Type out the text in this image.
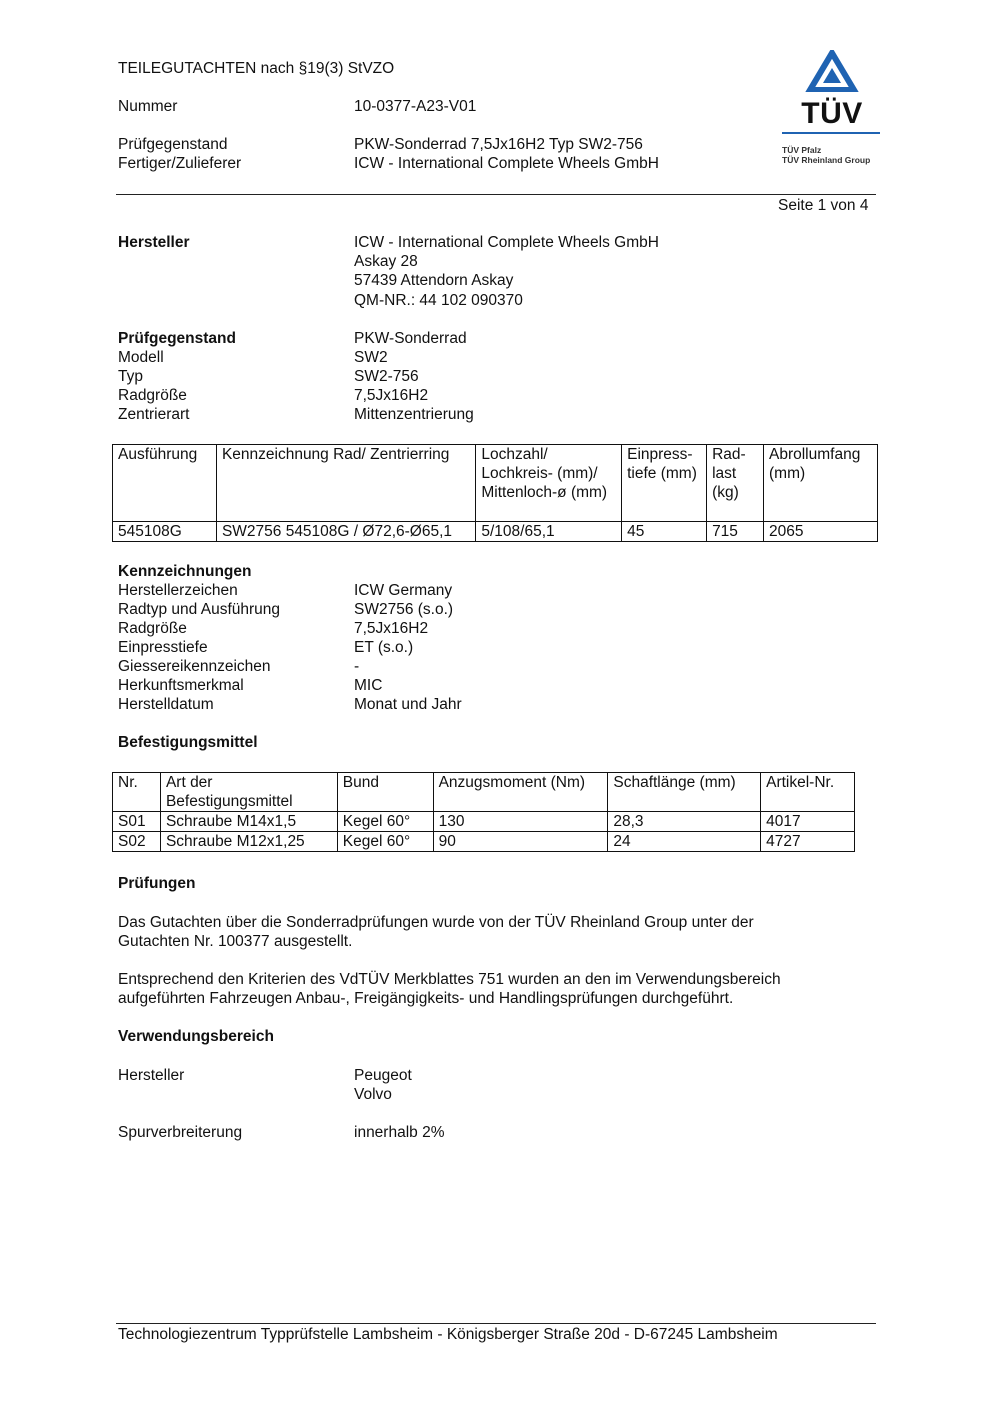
TEILEGUTACHTEN nach §19(3) StVZO
Nummer	10-0377-A23-V01
Prüfgegenstand	PKW-Sonderrad 7,5Jx16H2 Typ SW2-756
Fertiger/Zulieferer	ICW - International Complete Wheels GmbH
TÜV
TÜV Pfalz
TÜV Rheinland Group
Seite 1 von 4
Hersteller	ICW - International Complete Wheels GmbH
Askay 28
57439 Attendorn Askay
QM-NR.: 44 102 090370
Prüfgegenstand	PKW-Sonderrad
Modell	SW2
Typ	SW2-756
Radgröße	7,5Jx16H2
Zentrierart	Mittenzentrierung
Ausführung	Kennzeichnung Rad/ Zentrierring	Lochzahl/ Lochkreis- (mm)/ Mittenloch-ø (mm)	Einpress- tiefe (mm)	Rad- last (kg)	Abrollumfang (mm)
545108G	SW2756 545108G / Ø72,6-Ø65,1	5/108/65,1	45	715	2065
Kennzeichnungen
Herstellerzeichen	ICW Germany
Radtyp und Ausführung	SW2756 (s.o.)
Radgröße	7,5Jx16H2
Einpresstiefe	ET (s.o.)
Giessereikennzeichen	-
Herkunftsmerkmal	MIC
Herstelldatum	Monat und Jahr
Befestigungsmittel
Nr.	Art der Befestigungsmittel	Bund	Anzugsmoment (Nm)	Schaftlänge (mm)	Artikel-Nr.
S01	Schraube M14x1,5	Kegel 60°	130	28,3	4017
S02	Schraube M12x1,25	Kegel 60°	90	24	4727
Prüfungen
Das Gutachten über die Sonderradprüfungen wurde von der TÜV Rheinland Group unter der
Gutachten Nr. 100377 ausgestellt.
Entsprechend den Kriterien des VdTÜV Merkblattes 751 wurden an den im Verwendungsbereich
aufgeführten Fahrzeugen Anbau-, Freigängigkeits- und Handlingsprüfungen durchgeführt.
Verwendungsbereich
Hersteller	Peugeot
Volvo
Spurverbreiterung	innerhalb 2%
Technologiezentrum Typprüfstelle Lambsheim - Königsberger Straße 20d - D-67245 Lambsheim
